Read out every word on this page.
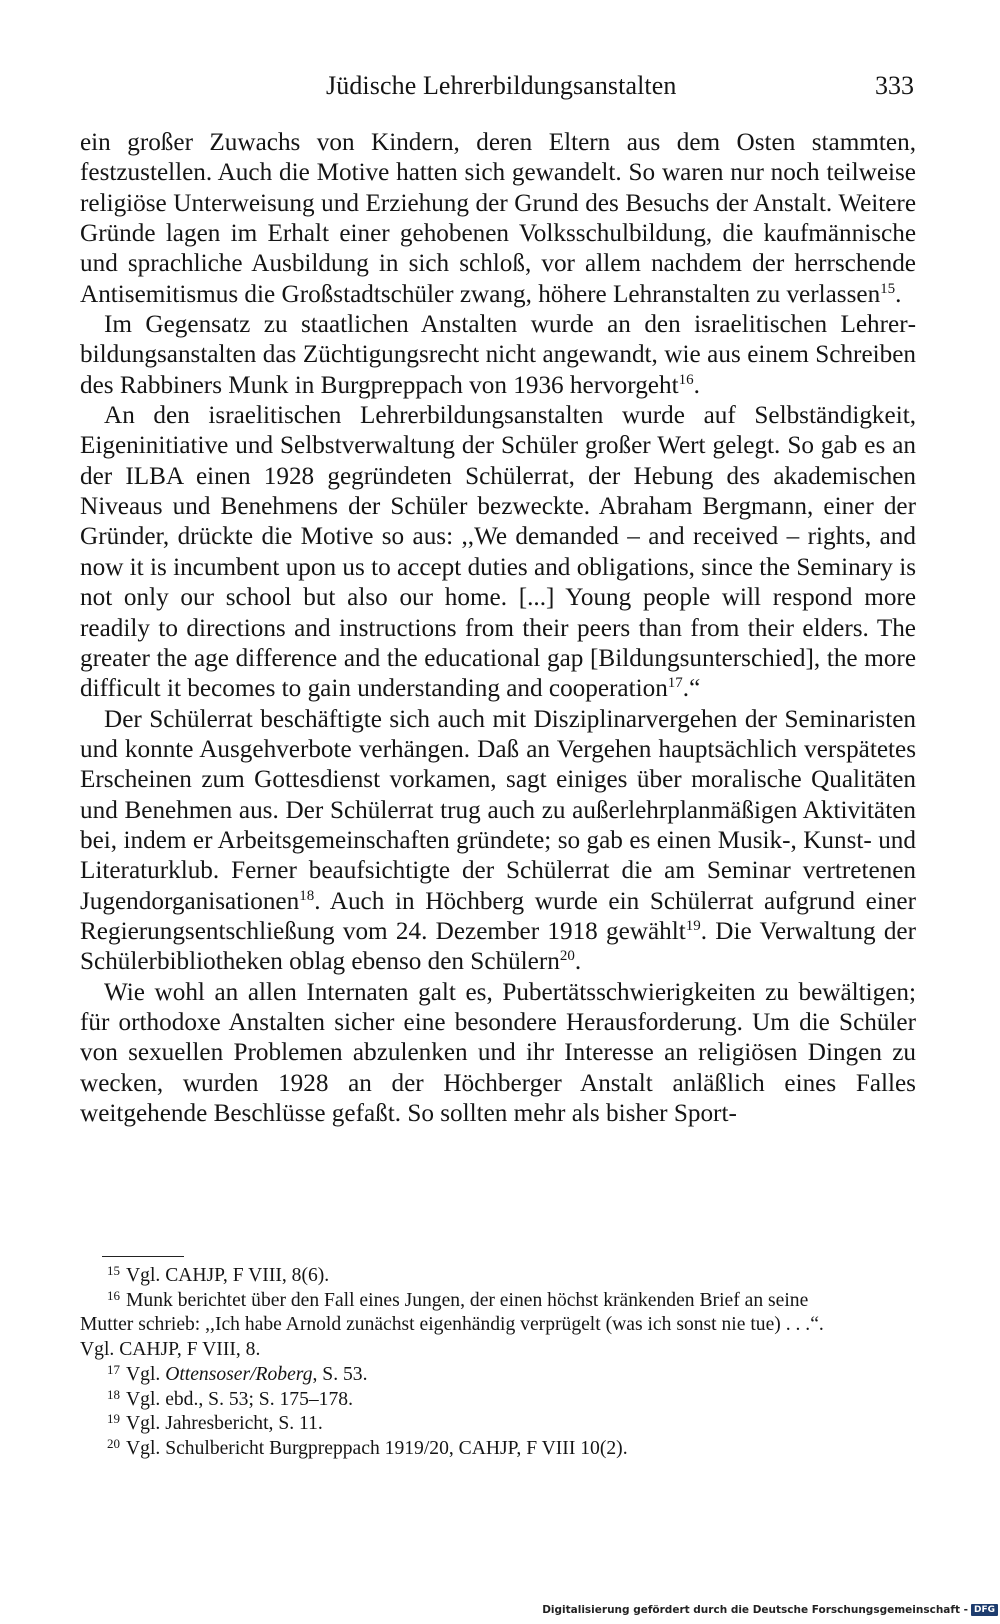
Jüdische Lehrerbildungsanstalten	333

ein großer Zuwachs von Kindern, deren Eltern aus dem Osten stammten, festzustellen. Auch die Motive hatten sich gewandelt. So waren nur noch teilweise religiöse Unterweisung und Erziehung der Grund des Besuchs der Anstalt. Weitere Gründe lagen im Erhalt einer gehobenen Volksschulbildung, die kaufmännische und sprachliche Ausbildung in sich schloß, vor allem nachdem der herrschende Antisemitismus die Großstadtschüler zwang, höhere Lehranstalten zu verlassen$^{15}$.

Im Gegensatz zu staatlichen Anstalten wurde an den israelitischen Lehrerbildungsanstalten das Züchtigungsrecht nicht angewandt, wie aus einem Schreiben des Rabbiners Munk in Burgpreppach von 1936 hervorgeht$^{16}$.

An den israelitischen Lehrerbildungsanstalten wurde auf Selbständigkeit, Eigeninitiative und Selbstverwaltung der Schüler großer Wert gelegt. So gab es an der ILBA einen 1928 gegründeten Schülerrat, der Hebung des akademischen Niveaus und Benehmens der Schüler bezweckte. Abraham Bergmann, einer der Gründer, drückte die Motive so aus: ,,We demanded – and received – rights, and now it is incumbent upon us to accept duties and obligations, since the Seminary is not only our school but also our home. [...] Young people will respond more readily to directions and instructions from their peers than from their elders. The greater the age difference and the educational gap [Bildungsunterschied], the more difficult it becomes to gain understanding and cooperation$^{17}$.“

Der Schülerrat beschäftigte sich auch mit Disziplinarvergehen der Seminaristen und konnte Ausgehverbote verhängen. Daß an Vergehen hauptsächlich verspätetes Erscheinen zum Gottesdienst vorkamen, sagt einiges über moralische Qualitäten und Benehmen aus. Der Schülerrat trug auch zu außerlehrplanmäßigen Aktivitäten bei, indem er Arbeitsgemeinschaften gründete; so gab es einen Musik-, Kunst- und Literaturklub. Ferner beaufsichtigte der Schülerrat die am Seminar vertretenen Jugendorganisationen$^{18}$. Auch in Höchberg wurde ein Schülerrat aufgrund einer Regierungsentschließung vom 24. Dezember 1918 gewählt$^{19}$. Die Verwaltung der Schülerbibliotheken oblag ebenso den Schülern$^{20}$.

Wie wohl an allen Internaten galt es, Pubertätsschwierigkeiten zu bewältigen; für orthodoxe Anstalten sicher eine besondere Herausforderung. Um die Schüler von sexuellen Problemen abzulenken und ihr Interesse an religiösen Dingen zu wecken, wurden 1928 an der Höchberger Anstalt anläßlich eines Falles weitgehende Beschlüsse gefaßt. So sollten mehr als bisher Sport-

15 Vgl. CAHJP, F VIII, 8(6).
16 Munk berichtet über den Fall eines Jungen, der einen höchst kränkenden Brief an seine
Mutter schrieb: ,,Ich habe Arnold zunächst eigenhändig verprügelt (was ich sonst nie tue) . . .“.
Vgl. CAHJP, F VIII, 8.
17 Vgl. Ottensoser/Roberg, S. 53.
18 Vgl. ebd., S. 53; S. 175–178.
19 Vgl. Jahresbericht, S. 11.
20 Vgl. Schulbericht Burgpreppach 1919/20, CAHJP, F VIII 10(2).
Digitalisierung gefördert durch die Deutsche Forschungsgemeinschaft - DFG
